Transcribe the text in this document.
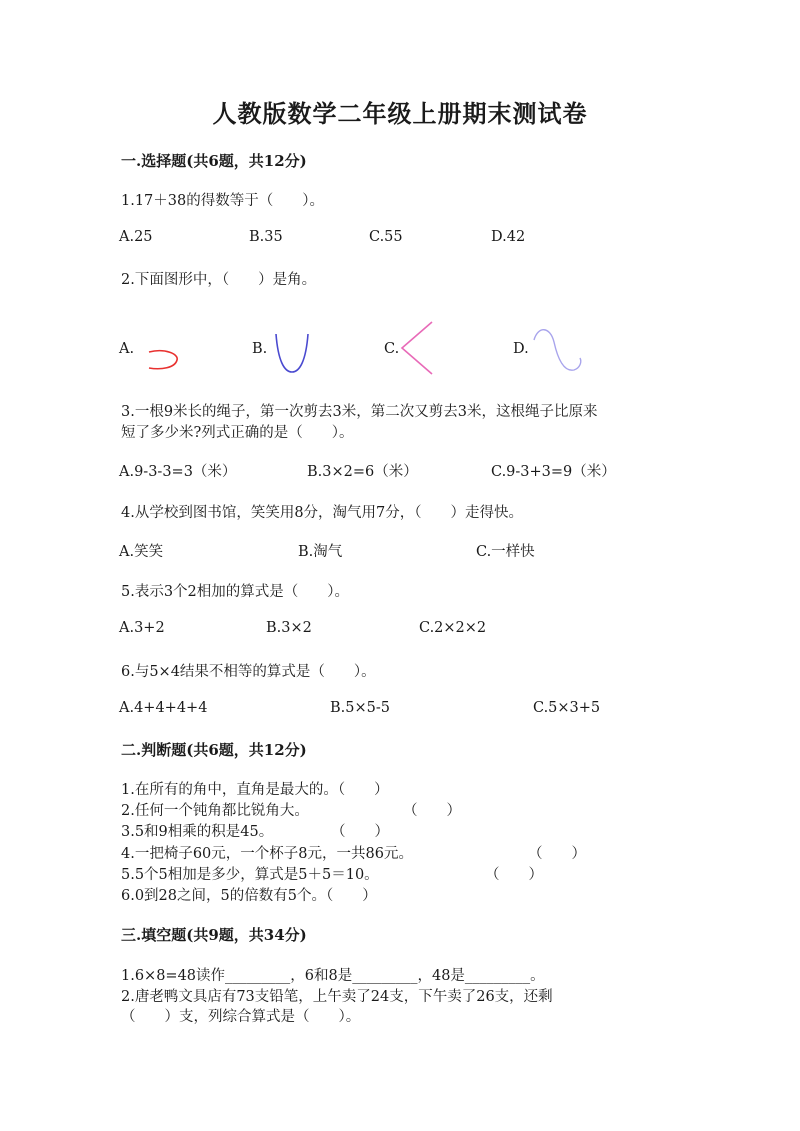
人教版数学二年级上册期末测试卷
一.选择题(共6题，共12分)
1.17＋38的得数等于（　　）。
A.25	B.35	C.55	D.42
2.下面图形中，（　　）是角。
A.	B.	C.	D.
3.一根9米长的绳子，第一次剪去3米，第二次又剪去3米，这根绳子比原来
短了多少米?列式正确的是（　　）。
A.9-3-3=3（米）	B.3×2=6（米）	C.9-3+3=9（米）
4.从学校到图书馆，笑笑用8分，淘气用7分，（　　）走得快。
A.笑笑	B.淘气	C.一样快
5.表示3个2相加的算式是（　　）。
A.3+2	B.3×2	C.2×2×2
6.与5×4结果不相等的算式是（　　）。
A.4+4+4+4	B.5×5-5	C.5×3+5
二.判断题(共6题，共12分)
1.在所有的角中，直角是最大的。（　　）
2.任何一个钝角都比锐角大。	（　　）
3.5和9相乘的积是45。	（　　）
4.一把椅子60元，一个杯子8元，一共86元。	（　　）
5.5个5相加是多少，算式是5＋5＝10。	（　　）
6.0到28之间，5的倍数有5个。（　　）
三.填空题(共9题，共34分)
1.6×8=48读作_________，6和8是_________，48是_________。
2.唐老鸭文具店有73支铅笔，上午卖了24支，下午卖了26支，还剩
（　　）支，列综合算式是（　　）。
